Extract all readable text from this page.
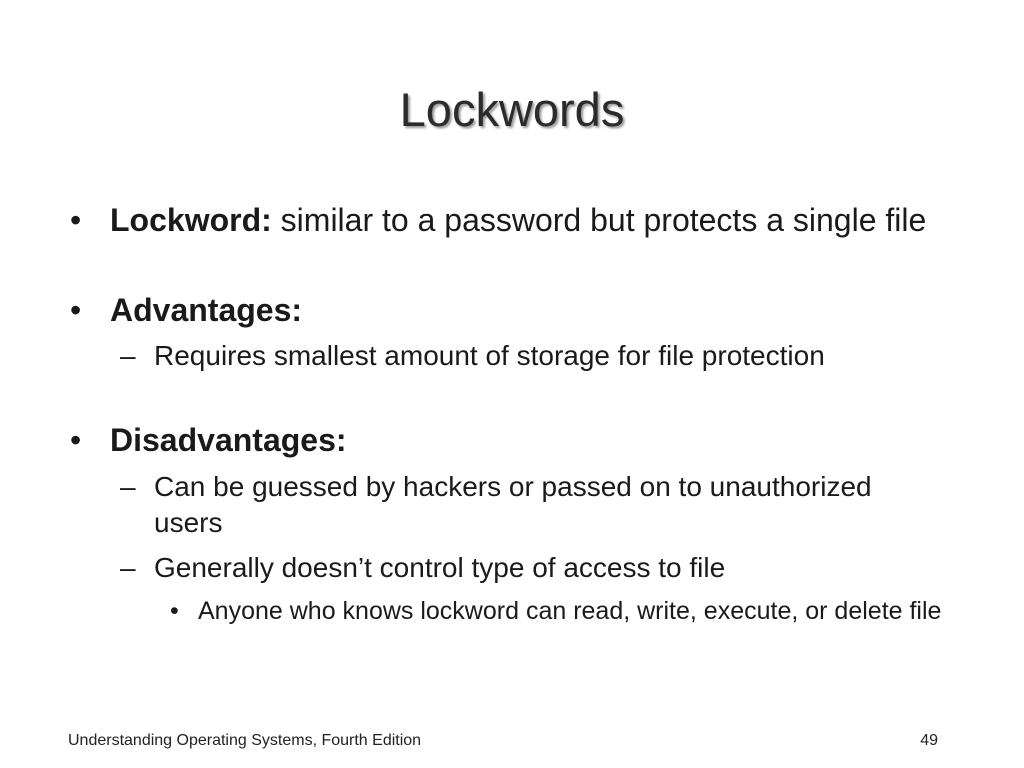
Lockwords
• Lockword: similar to a password but protects a single file
• Advantages:
– Requires smallest amount of storage for file protection
• Disadvantages:
– Can be guessed by hackers or passed on to unauthorized users
– Generally doesn’t control type of access to file
• Anyone who knows lockword can read, write, execute, or delete file
Understanding Operating Systems, Fourth Edition	49
